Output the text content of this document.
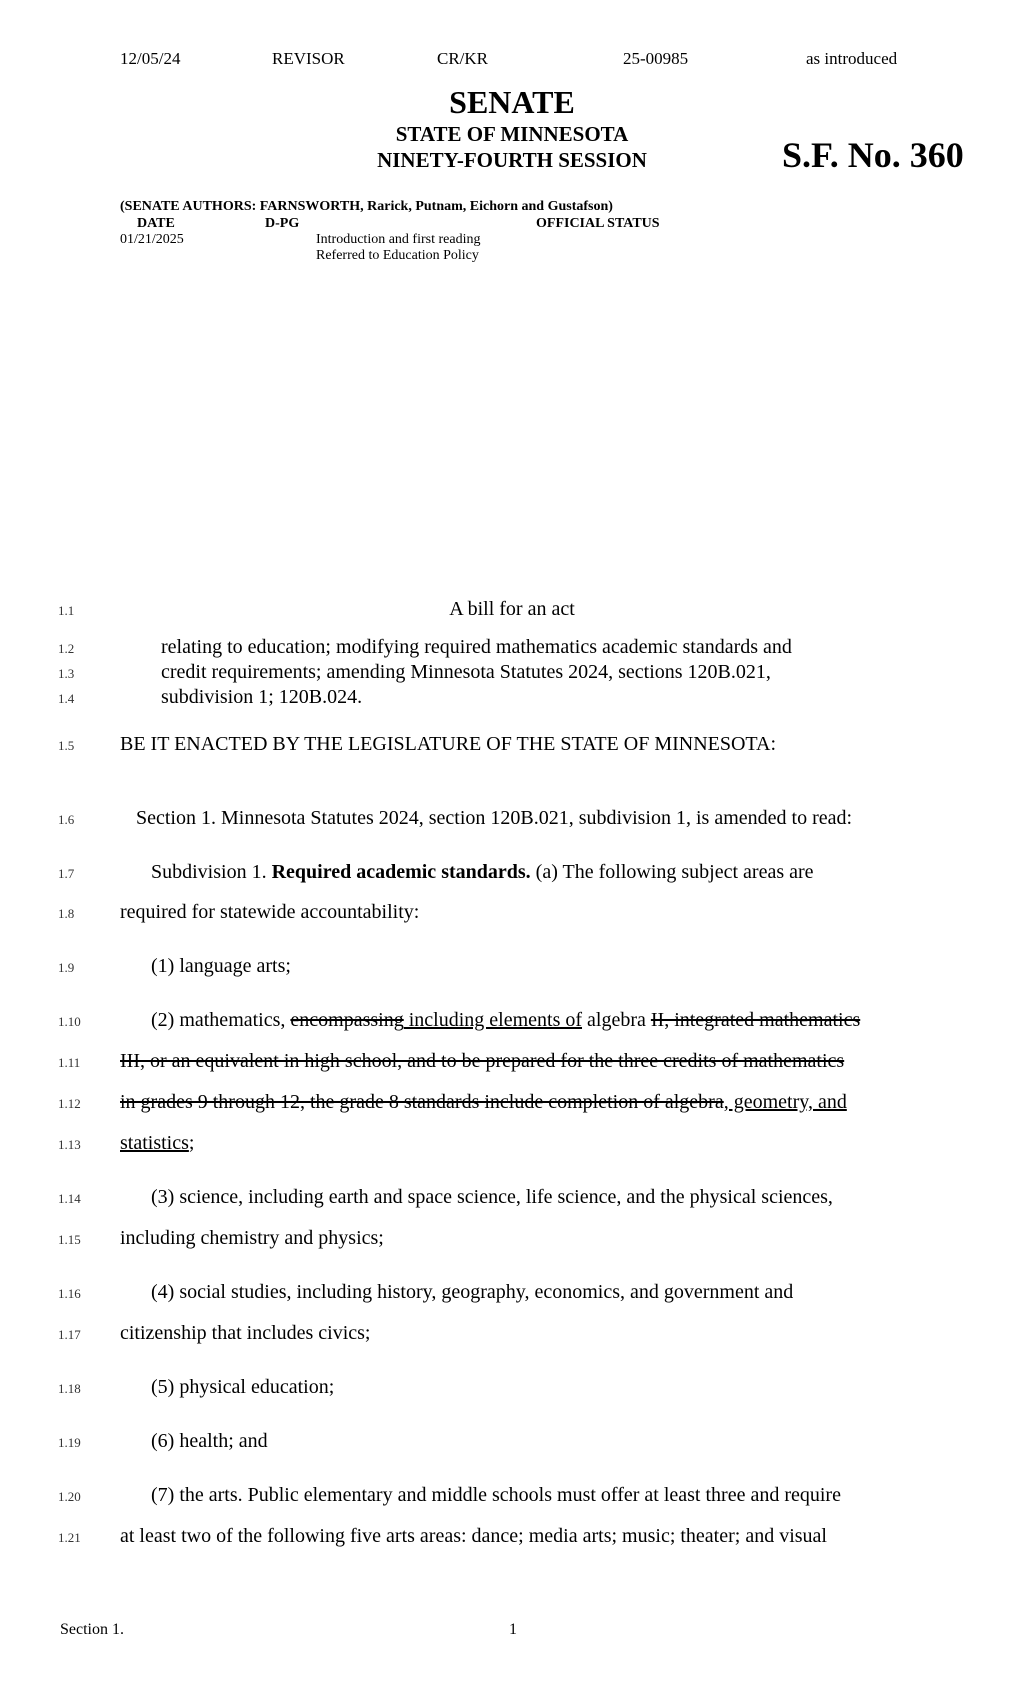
12/05/24	REVISOR	CR/KR	25-00985	as introduced
SENATE
STATE OF MINNESOTA
NINETY-FOURTH SESSION	S.F. No. 360
(SENATE AUTHORS: FARNSWORTH, Rarick, Putnam, Eichorn and Gustafson)
DATE	D-PG	OFFICIAL STATUS
01/21/2025	Introduction and first reading
Referred to Education Policy
1.1
1.2
1.3
1.4
1.5
1.6
1.7
1.8
1.9
1.10
1.11
1.12
1.13
1.14
1.15
1.16
1.17
1.18
1.19
1.20
1.21
A bill for an act
relating to education; modifying required mathematics academic standards and
credit requirements; amending Minnesota Statutes 2024, sections 120B.021,
subdivision 1; 120B.024.
BE IT ENACTED BY THE LEGISLATURE OF THE STATE OF MINNESOTA:
Section 1. Minnesota Statutes 2024, section 120B.021, subdivision 1, is amended to read:
Subdivision 1. Required academic standards. (a) The following subject areas are
required for statewide accountability:
(1) language arts;
(2) mathematics, encompassing including elements of algebra II, integrated mathematics
III, or an equivalent in high school, and to be prepared for the three credits of mathematics
in grades 9 through 12, the grade 8 standards include completion of algebra, geometry, and
statistics;
(3) science, including earth and space science, life science, and the physical sciences,
including chemistry and physics;
(4) social studies, including history, geography, economics, and government and
citizenship that includes civics;
(5) physical education;
(6) health; and
(7) the arts. Public elementary and middle schools must offer at least three and require
at least two of the following five arts areas: dance; media arts; music; theater; and visual
Section 1.	1
